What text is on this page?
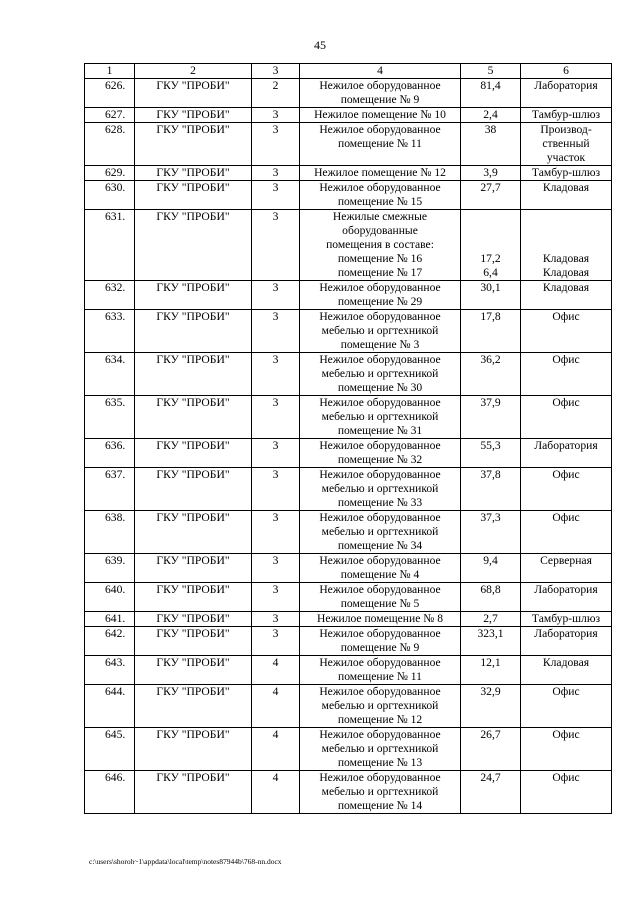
45
1	2	3	4	5	6
626.	ГКУ "ПРОБИ"	2	Нежилое оборудованное
помещение № 9	81,4	Лаборатория

627.	ГКУ "ПРОБИ"	3	Нежилое помещение № 10	2,4	Тамбур-шлюз

628.	ГКУ "ПРОБИ"	3	Нежилое оборудованное
помещение № 11	38	Производ-
ственный
участок

629.	ГКУ "ПРОБИ"	3	Нежилое помещение № 12	3,9	Тамбур-шлюз

630.	ГКУ "ПРОБИ"	3	Нежилое оборудованное
помещение № 15	27,7	Кладовая

631.	ГКУ "ПРОБИ"	3	Нежилые смежные
оборудованные
помещения в составе:
помещение № 16
помещение № 17	17,2
6,4	Кладовая
Кладовая

632.	ГКУ "ПРОБИ"	3	Нежилое оборудованное
помещение № 29	30,1	Кладовая

633.	ГКУ "ПРОБИ"	3	Нежилое оборудованное
мебелью и оргтехникой
помещение № 3	17,8	Офис

634.	ГКУ "ПРОБИ"	3	Нежилое оборудованное
мебелью и оргтехникой
помещение № 30	36,2	Офис

635.	ГКУ "ПРОБИ"	3	Нежилое оборудованное
мебелью и оргтехникой
помещение № 31	37,9	Офис

636.	ГКУ "ПРОБИ"	3	Нежилое оборудованное
помещение № 32	55,3	Лаборатория

637.	ГКУ "ПРОБИ"	3	Нежилое оборудованное
мебелью и оргтехникой
помещение № 33	37,8	Офис

638.	ГКУ "ПРОБИ"	3	Нежилое оборудованное
мебелью и оргтехникой
помещение № 34	37,3	Офис

639.	ГКУ "ПРОБИ"	3	Нежилое оборудованное
помещение № 4	9,4	Серверная

640.	ГКУ "ПРОБИ"	3	Нежилое оборудованное
помещение № 5	68,8	Лаборатория

641.	ГКУ "ПРОБИ"	3	Нежилое помещение № 8	2,7	Тамбур-шлюз

642.	ГКУ "ПРОБИ"	3	Нежилое оборудованное
помещение № 9	323,1	Лаборатория

643.	ГКУ "ПРОБИ"	4	Нежилое оборудованное
помещение № 11	12,1	Кладовая

644.	ГКУ "ПРОБИ"	4	Нежилое оборудованное
мебелью и оргтехникой
помещение № 12	32,9	Офис

645.	ГКУ "ПРОБИ"	4	Нежилое оборудованное
мебелью и оргтехникой
помещение № 13	26,7	Офис

646.	ГКУ "ПРОБИ"	4	Нежилое оборудованное
мебелью и оргтехникой
помещение № 14	24,7	Офис
c:\users\shoroh~1\appdata\local\temp\notes87944b\768-nn.docx
